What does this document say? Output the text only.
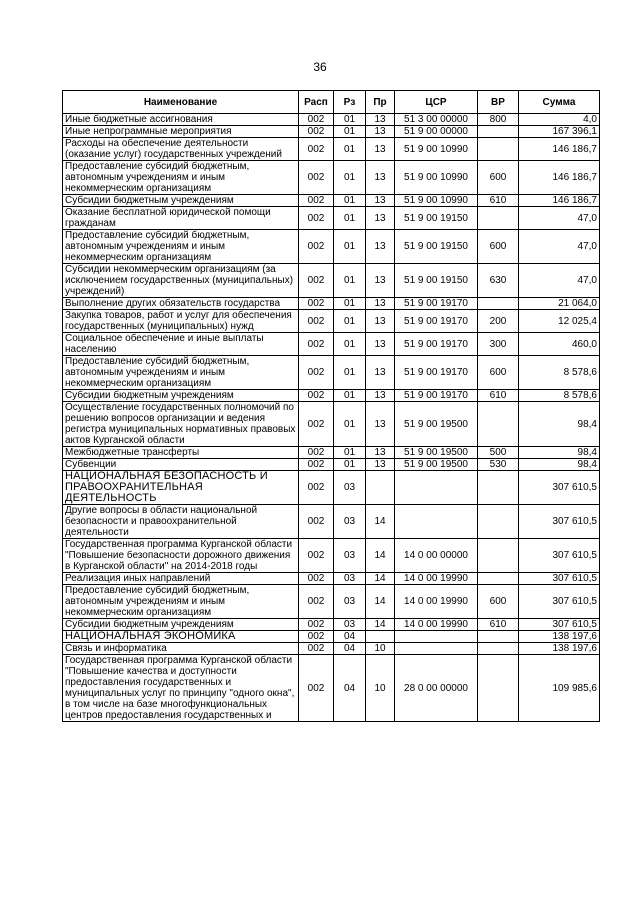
36
Наименование	Расп	Рз	Пр	ЦСР	ВР	Сумма
Иные бюджетные ассигнования	002	01	13	51 3 00 00000	800	4,0
Иные непрограммные мероприятия	002	01	13	51 9 00 00000		167 396,1
Расходы на обеспечение деятельности (оказание услуг) государственных учреждений	002	01	13	51 9 00 10990		146 186,7
Предоставление субсидий бюджетным, автономным учреждениям и иным некоммерческим организациям	002	01	13	51 9 00 10990	600	146 186,7
Субсидии бюджетным учреждениям	002	01	13	51 9 00 10990	610	146 186,7
Оказание бесплатной юридической помощи гражданам	002	01	13	51 9 00 19150		47,0
Предоставление субсидий бюджетным, автономным учреждениям и иным некоммерческим организациям	002	01	13	51 9 00 19150	600	47,0
Субсидии некоммерческим организациям (за исключением государственных (муниципальных) учреждений)	002	01	13	51 9 00 19150	630	47,0
Выполнение других обязательств государства	002	01	13	51 9 00 19170		21 064,0
Закупка товаров, работ и услуг для обеспечения государственных (муниципальных) нужд	002	01	13	51 9 00 19170	200	12 025,4
Социальное обеспечение и иные выплаты населению	002	01	13	51 9 00 19170	300	460,0
Предоставление субсидий бюджетным, автономным учреждениям и иным некоммерческим организациям	002	01	13	51 9 00 19170	600	8 578,6
Субсидии бюджетным учреждениям	002	01	13	51 9 00 19170	610	8 578,6
Осуществление государственных полномочий по решению вопросов организации и ведения регистра муниципальных нормативных правовых актов Курганской области	002	01	13	51 9 00 19500		98,4
Межбюджетные трансферты	002	01	13	51 9 00 19500	500	98,4
Субвенции	002	01	13	51 9 00 19500	530	98,4
НАЦИОНАЛЬНАЯ БЕЗОПАСНОСТЬ И ПРАВООХРАНИТЕЛЬНАЯ ДЕЯТЕЛЬНОСТЬ	002	03				307 610,5
Другие вопросы в области национальной безопасности и правоохранительной деятельности	002	03	14			307 610,5
Государственная программа Курганской области "Повышение безопасности дорожного движения в Курганской области" на 2014-2018 годы	002	03	14	14 0 00 00000		307 610,5
Реализация иных направлений	002	03	14	14 0 00 19990		307 610,5
Предоставление субсидий бюджетным, автономным учреждениям и иным некоммерческим организациям	002	03	14	14 0 00 19990	600	307 610,5
Субсидии бюджетным учреждениям	002	03	14	14 0 00 19990	610	307 610,5
НАЦИОНАЛЬНАЯ ЭКОНОМИКА	002	04				138 197,6
Связь и информатика	002	04	10			138 197,6
Государственная программа Курганской области "Повышение качества и доступности предоставления государственных и муниципальных услуг по принципу "одного окна", в том числе на базе многофункциональных центров предоставления государственных и	002	04	10	28 0 00 00000		109 985,6
